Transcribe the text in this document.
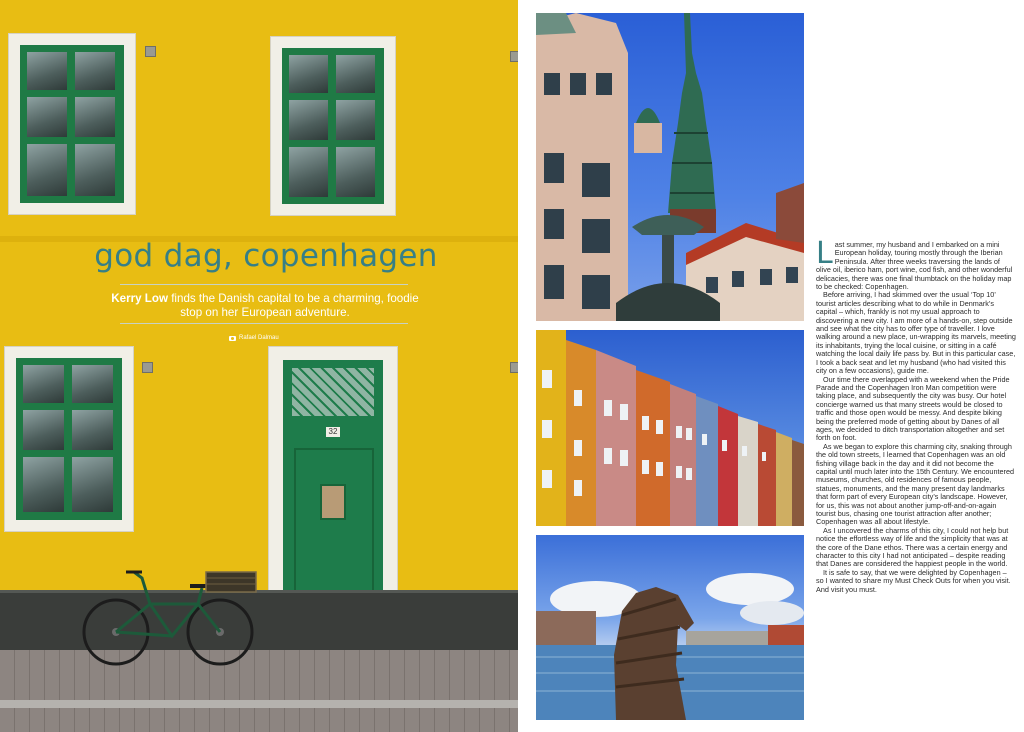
32
god dag, copenhagen

Kerry Low finds the Danish capital to be a charming, foodie stop on her European adventure.

Rafael Dalmau

Last summer, my husband and I embarked on a mini European holiday, touring mostly through the Iberian Peninsula. After three weeks traversing the lands of olive oil, iberico ham, port wine, cod fish, and other wonderful delicacies, there was one final thumbtack on the holiday map to be checked: Copenhagen.

Before arriving, I had skimmed over the usual ‘Top 10’ tourist articles describing what to do while in Denmark’s capital – which, frankly is not my usual approach to discovering a new city. I am more of a hands-on, step outside and see what the city has to offer type of traveller. I love walking around a new place, un-wrapping its marvels, meeting its inhabitants, trying the local cuisine, or sitting in a café watching the local daily life pass by. But in this particular case, I took a back seat and let my husband (who had visited this city on a few occasions), guide me.

Our time there overlapped with a weekend when the Pride Parade and the Copenhagen Iron Man competition were taking place, and subsequently the city was busy. Our hotel concierge warned us that many streets would be closed to traffic and those open would be messy. And despite biking being the preferred mode of getting about by Danes of all ages, we decided to ditch transportation altogether and set forth on foot.

As we began to explore this charming city, snaking through the old town streets, I learned that Copenhagen was an old fishing village back in the day and it did not become the capital until much later into the 15th Century. We encountered museums, churches, old residences of famous people, statues, monuments, and the many present day landmarks that form part of every European city’s landscape. However, for us, this was not about another jump-off-and-on-again tourist bus, chasing one tourist attraction after another; Copenhagen was all about lifestyle.

As I uncovered the charms of this city, I could not help but notice the effortless way of life and the simplicity that was at the core of the Dane ethos. There was a certain energy and character to this city I had not anticipated – despite reading that Danes are considered the happiest people in the world.

It is safe to say, that we were delighted by Copenhagen – so I wanted to share my Must Check Outs for when you visit. And visit you must.
